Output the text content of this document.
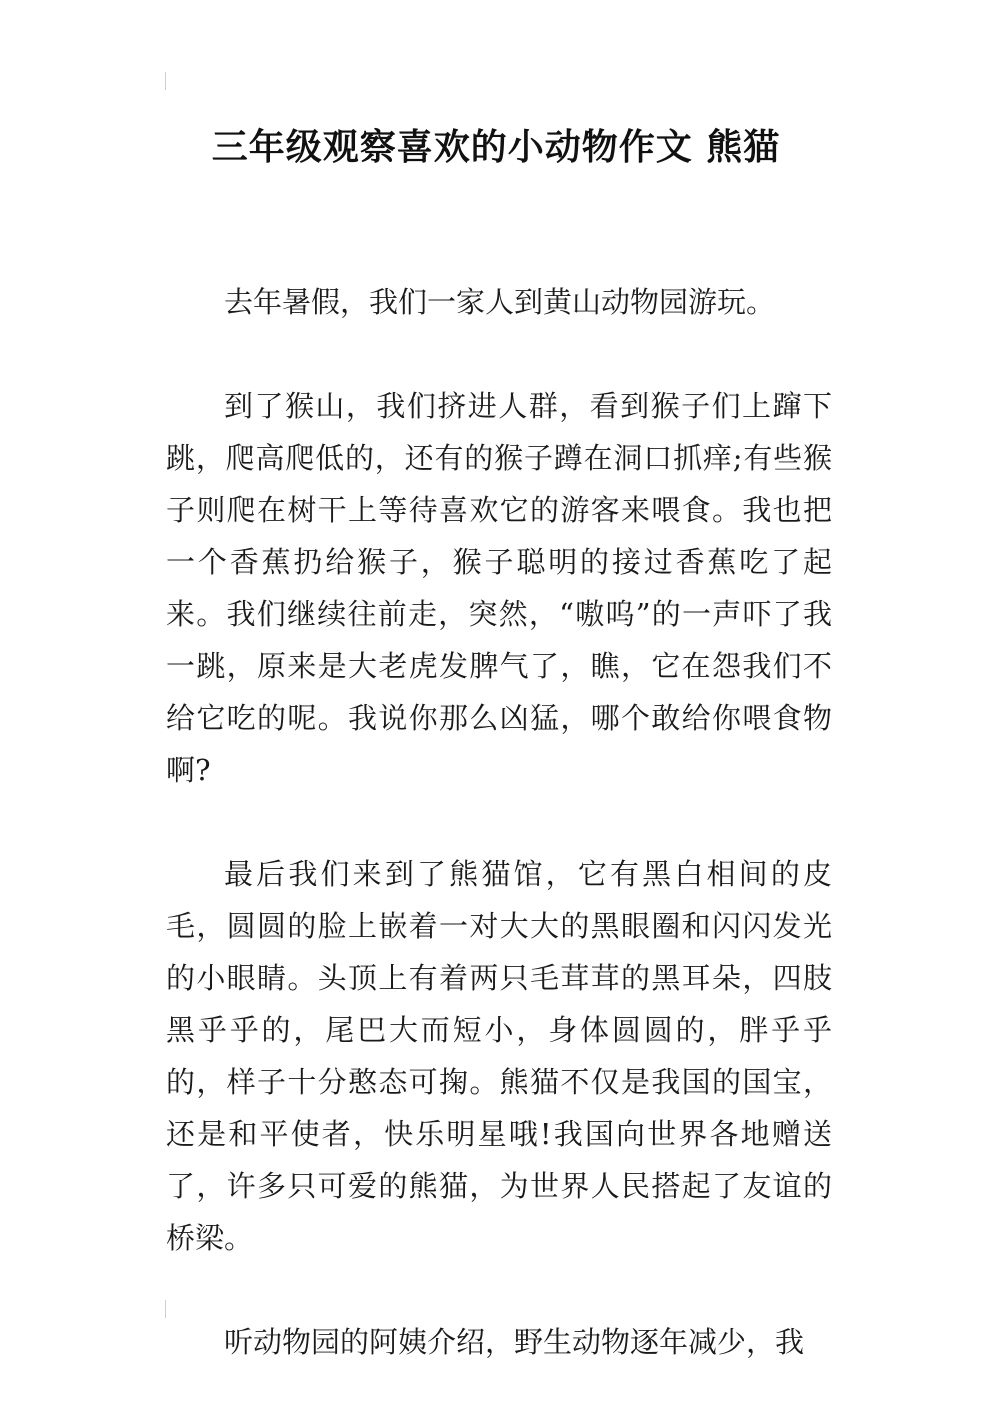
三年级观察喜欢的小动物作文 熊猫

去年暑假，我们一家人到黄山动物园游玩。

到了猴山，我们挤进人群，看到猴子们上蹿下跳，爬高爬低的，还有的猴子蹲在洞口抓痒;有些猴子则爬在树干上等待喜欢它的游客来喂食。我也把一个香蕉扔给猴子，猴子聪明的接过香蕉吃了起来。我们继续往前走，突然，“嗷呜”的一声吓了我一跳，原来是大老虎发脾气了，瞧，它在怨我们不给它吃的呢。我说你那么凶猛，哪个敢给你喂食物啊?

最后我们来到了熊猫馆，它有黑白相间的皮毛，圆圆的脸上嵌着一对大大的黑眼圈和闪闪发光的小眼睛。头顶上有着两只毛茸茸的黑耳朵，四肢黑乎乎的，尾巴大而短小，身体圆圆的，胖乎乎的，样子十分憨态可掬。熊猫不仅是我国的国宝，还是和平使者，快乐明星哦!我国向世界各地赠送了，许多只可爱的熊猫，为世界人民搭起了友谊的桥梁。

听动物园的阿姨介绍，野生动物逐年减少，我
